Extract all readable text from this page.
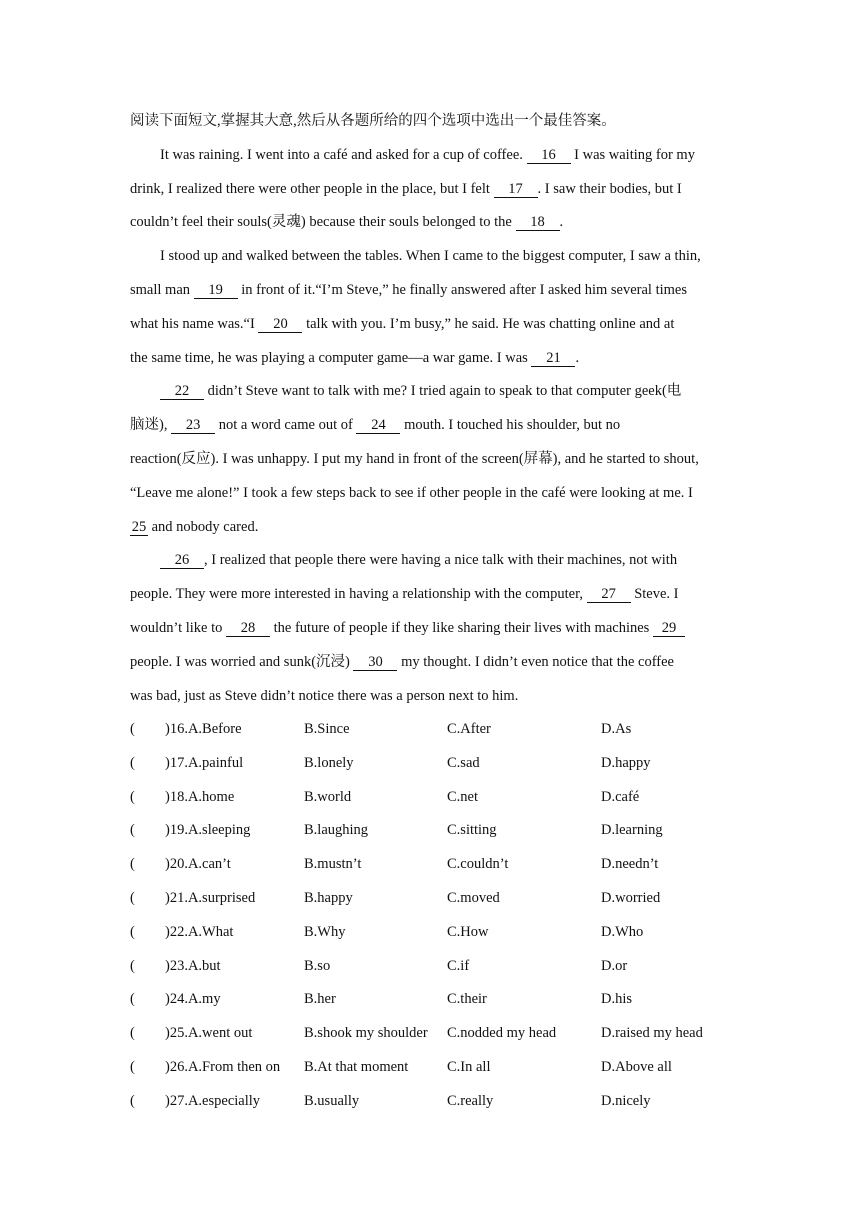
阅读下面短文,掌握其大意,然后从各题所给的四个选项中选出一个最佳答案。
It was raining. I went into a café and asked for a cup of coffee. 16 I was waiting for my
drink, I realized there were other people in the place, but I felt 17 . I saw their bodies, but I
couldn’t feel their souls(灵魂) because their souls belonged to the 18 .
I stood up and walked between the tables. When I came to the biggest computer, I saw a thin,
small man 19 in front of it.“I’m Steve,” he finally answered after I asked him several times
what his name was.“I 20 talk with you. I’m busy,” he said. He was chatting online and at
the same time, he was playing a computer game—a war game. I was 21 .
22 didn’t Steve want to talk with me? I tried again to speak to that computer geek(电
脑迷), 23 not a word came out of 24 mouth. I touched his shoulder, but no
reaction(反应). I was unhappy. I put my hand in front of the screen(屏幕), and he started to shout,
“Leave me alone!” I took a few steps back to see if other people in the café were looking at me. I
25 and nobody cared.
26 , I realized that people there were having a nice talk with their machines, not with
people. They were more interested in having a relationship with the computer, 27 Steve. I
wouldn’t like to 28 the future of people if they like sharing their lives with machines 29
people. I was worried and sunk(沉浸) 30 my thought. I didn’t even notice that the coffee
was bad, just as Steve didn’t notice there was a person next to him.
( )16.A.Before	B.Since	C.After	D.As
( )17.A.painful	B.lonely	C.sad	D.happy
( )18.A.home	B.world	C.net	D.café
( )19.A.sleeping	B.laughing	C.sitting	D.learning
( )20.A.can’t	B.mustn’t	C.couldn’t	D.needn’t
( )21.A.surprised	B.happy	C.moved	D.worried
( )22.A.What	B.Why	C.How	D.Who
( )23.A.but	B.so	C.if	D.or
( )24.A.my	B.her	C.their	D.his
( )25.A.went out	B.shook my shoulder C.nodded my head	D.raised my head
( )26.A.From then on B.At that moment	C.In all	D.Above all
( )27.A.especially	B.usually	C.really	D.nicely
